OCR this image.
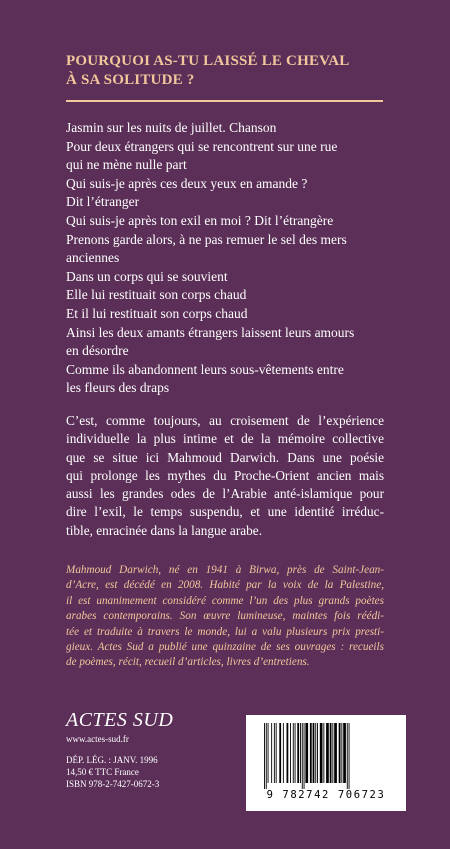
POURQUOI AS-TU LAISSÉ LE CHEVAL
À SA SOLITUDE ?
Jasmin sur les nuits de juillet. Chanson
Pour deux étrangers qui se rencontrent sur une rue
qui ne mène nulle part
Qui suis-je après ces deux yeux en amande ?
Dit l’étranger
Qui suis-je après ton exil en moi ? Dit l’étrangère
Prenons garde alors, à ne pas remuer le sel des mers
anciennes
Dans un corps qui se souvient
Elle lui restituait son corps chaud
Et il lui restituait son corps chaud
Ainsi les deux amants étrangers laissent leurs amours
en désordre
Comme ils abandonnent leurs sous-vêtements entre
les fleurs des draps
C’est, comme toujours, au croisement de l’expérience
individuelle la plus intime et de la mémoire collective
que se situe ici Mahmoud Darwich. Dans une poésie
qui prolonge les mythes du Proche-Orient ancien mais
aussi les grandes odes de l’Arabie anté-islamique pour
dire l’exil, le temps suspendu, et une identité irréduc-
tible, enracinée dans la langue arabe.
Mahmoud Darwich, né en 1941 à Birwa, près de Saint-Jean-
d’Acre, est décédé en 2008. Habité par la voix de la Palestine,
il est unanimement considéré comme l’un des plus grands poètes
arabes contemporains. Son œuvre lumineuse, maintes fois réédi-
tée et traduite à travers le monde, lui a valu plusieurs prix presti-
gieux. Actes Sud a publié une quinzaine de ses ouvrages : recueils
de poèmes, récit, recueil d’articles, livres d’entretiens.
ACTES SUD
www.actes-sud.fr
DÉP. LÉG. : JANV. 1996
14,50 € TTC France
ISBN 978-2-7427-0672-3
9 782742 706723
